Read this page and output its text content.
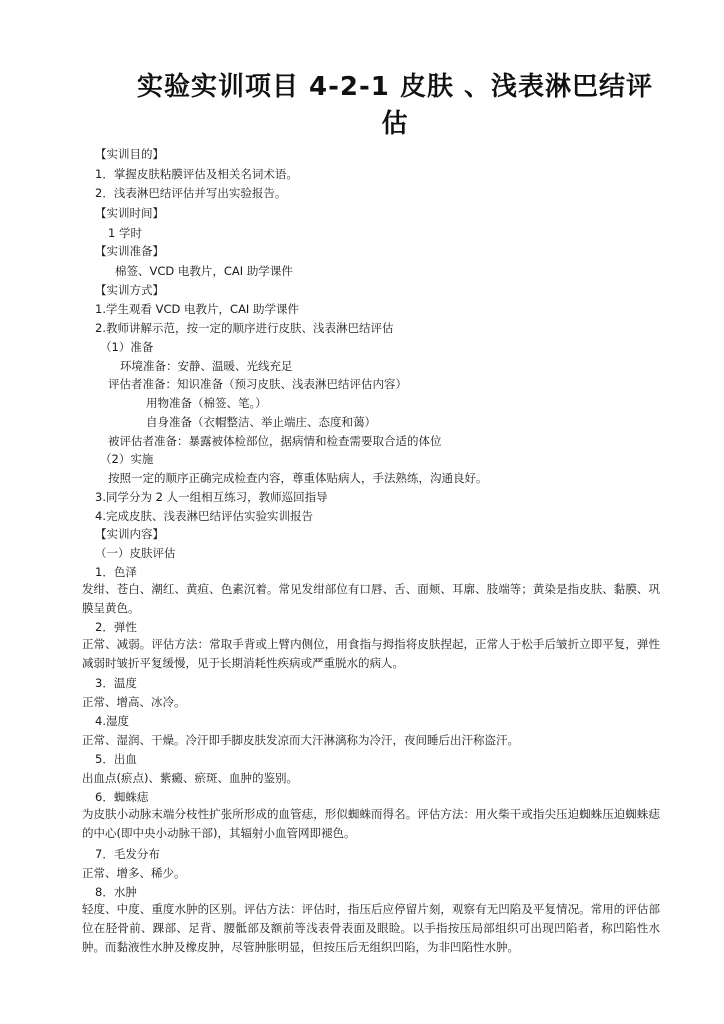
实验实训项目 4-2-1 皮肤 、浅表淋巴结评
估
【实训目的】
1．掌握皮肤粘膜评估及相关名词术语。
2．浅表淋巴结评估并写出实验报告。
【实训时间】
1 学时
【实训准备】
棉签、VCD 电教片，CAI 助学课件
【实训方式】
1.学生观看 VCD 电教片，CAI 助学课件
2.教师讲解示范，按一定的顺序进行皮肤、浅表淋巴结评估
（1）准备
环境准备：安静、温暖、光线充足
评估者准备：知识准备（预习皮肤、浅表淋巴结评估内容）
用物准备（棉签、笔。）
自身准备（衣帽整洁、举止端庄、态度和蔼）
被评估者准备：暴露被体检部位，据病情和检查需要取合适的体位
（2）实施
按照一定的顺序正确完成检查内容，尊重体贴病人，手法熟练，沟通良好。
3.同学分为 2 人一组相互练习，教师巡回指导
4.完成皮肤、浅表淋巴结评估实验实训报告
【实训内容】
（一）皮肤评估
1．色泽
发绀、苍白、潮红、黄疸、色素沉着。常见发绀部位有口唇、舌、面颊、耳廓、肢端等；黄染是指皮肤、黏膜、巩膜呈黄色。
2．弹性
正常、减弱。评估方法：常取手背或上臂内侧位，用食指与拇指将皮肤捏起，正常人于松手后皱折立即平复，弹性减弱时皱折平复缓慢，见于长期消耗性疾病或严重脱水的病人。
3．温度
正常、增高、冰冷。
4.湿度
正常、湿润、干燥。冷汗即手脚皮肤发凉而大汗淋漓称为冷汗，夜间睡后出汗称盗汗。
5．出血
出血点(瘀点)、紫癜、瘀斑、血肿的鉴别。
6．蜘蛛痣
为皮肤小动脉末端分枝性扩张所形成的血管痣，形似蜘蛛而得名。评估方法：用火柴干或指尖压迫蜘蛛压迫蜘蛛痣的中心(即中央小动脉干部)，其辐射小血管网即褪色。
7．毛发分布
正常、增多、稀少。
8．水肿
轻度、中度、重度水肿的区别。评估方法：评估时，指压后应停留片刻，观察有无凹陷及平复情况。常用的评估部位在胫骨前、踝部、足背、腰骶部及额前等浅表骨表面及眼睑。以手指按压局部组织可出现凹陷者，称凹陷性水肿。而黏液性水肿及橡皮肿，尽管肿胀明显，但按压后无组织凹陷，为非凹陷性水肿。
